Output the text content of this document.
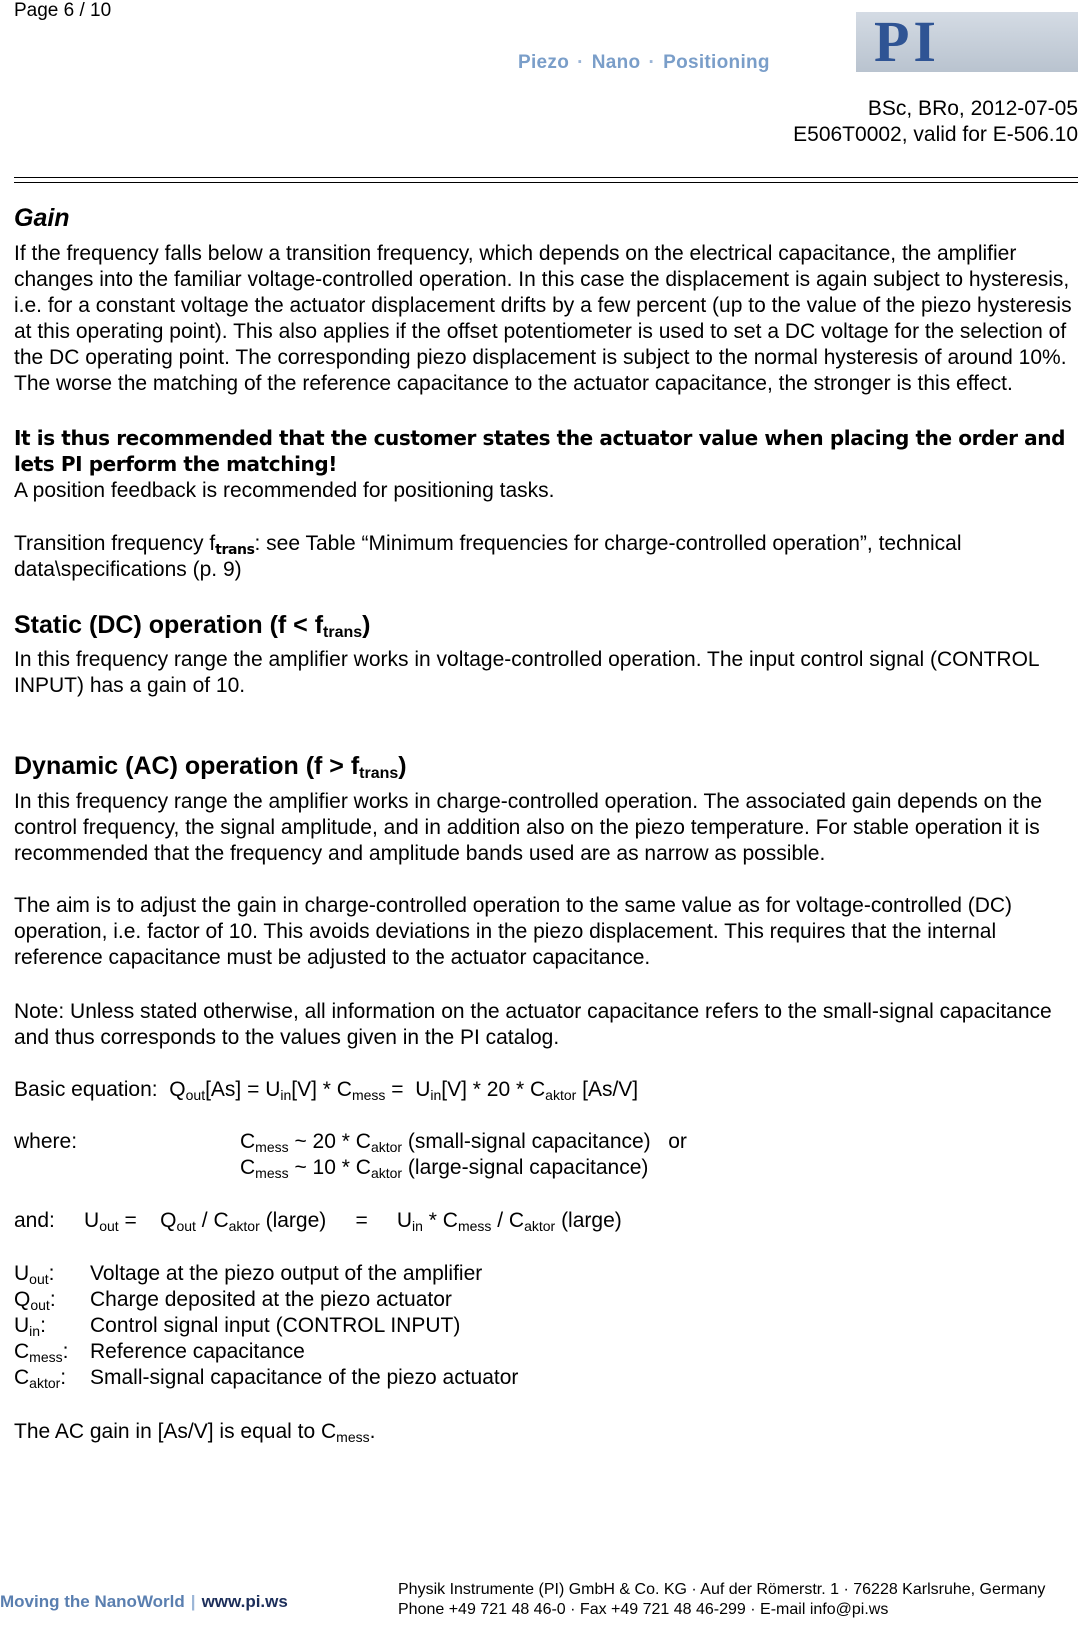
Page 6 / 10
Piezo · Nano · Positioning PI
BSc, BRo, 2012-07-05
E506T0002, valid for E-506.10
Gain
If the frequency falls below a transition frequency, which depends on the electrical capacitance, the amplifier changes into the familiar voltage-controlled operation. In this case the displacement is again subject to hysteresis, i.e. for a constant voltage the actuator displacement drifts by a few percent (up to the value of the piezo hysteresis at this operating point). This also applies if the offset potentiometer is used to set a DC voltage for the selection of the DC operating point. The corresponding piezo displacement is subject to the normal hysteresis of around 10%. The worse the matching of the reference capacitance to the actuator capacitance, the stronger is this effect.
It is thus recommended that the customer states the actuator value when placing the order and lets PI perform the matching!
A position feedback is recommended for positioning tasks.
Transition frequency $f_{trans}$: see Table “Minimum frequencies for charge-controlled operation”, technical data\specifications (p. 9)
Static (DC) operation $(f < f_{trans})$
In this frequency range the amplifier works in voltage-controlled operation. The input control signal (CONTROL INPUT) has a gain of 10.
Dynamic (AC) operation $(f > f_{trans})$
In this frequency range the amplifier works in charge-controlled operation. The associated gain depends on the control frequency, the signal amplitude, and in addition also on the piezo temperature. For stable operation it is recommended that the frequency and amplitude bands used are as narrow as possible.
The aim is to adjust the gain in charge-controlled operation to the same value as for voltage-controlled (DC) operation, i.e. factor of 10. This avoids deviations in the piezo displacement. This requires that the internal reference capacitance must be adjusted to the actuator capacitance.
Note: Unless stated otherwise, all information on the actuator capacitance refers to the small-signal capacitance and thus corresponds to the values given in the PI catalog.
Basic equation:  $Q_{out}[As] = U_{in}[V] * C_{mess} = U_{in}[V] * 20 * C_{aktor}$ [As/V]
where:	$C_{mess}$ ~ $20 * C_{aktor}$ (small-signal capacitance) or
$C_{mess}$ ~ $10 * C_{aktor}$ (large-signal capacitance)
and:     $U_{out}$ =    $Q_{out} / C_{aktor}$ (large)     =     $U_{in} * C_{mess} / C_{aktor}$ (large)
$U_{out}$: Voltage at the piezo output of the amplifier
$Q_{out}$: Charge deposited at the piezo actuator
$U_{in}$: Control signal input (CONTROL INPUT)
$C_{mess}$: Reference capacitance
$C_{aktor}$: Small-signal capacitance of the piezo actuator
The AC gain in [As/V] is equal to $C_{mess}$.
Moving the NanoWorld | www.pi.ws
Physik Instrumente (PI) GmbH & Co. KG · Auf der Römerstr. 1 · 76228 Karlsruhe, Germany
Phone +49 721 48 46-0 · Fax +49 721 48 46-299 · E-mail info@pi.ws
